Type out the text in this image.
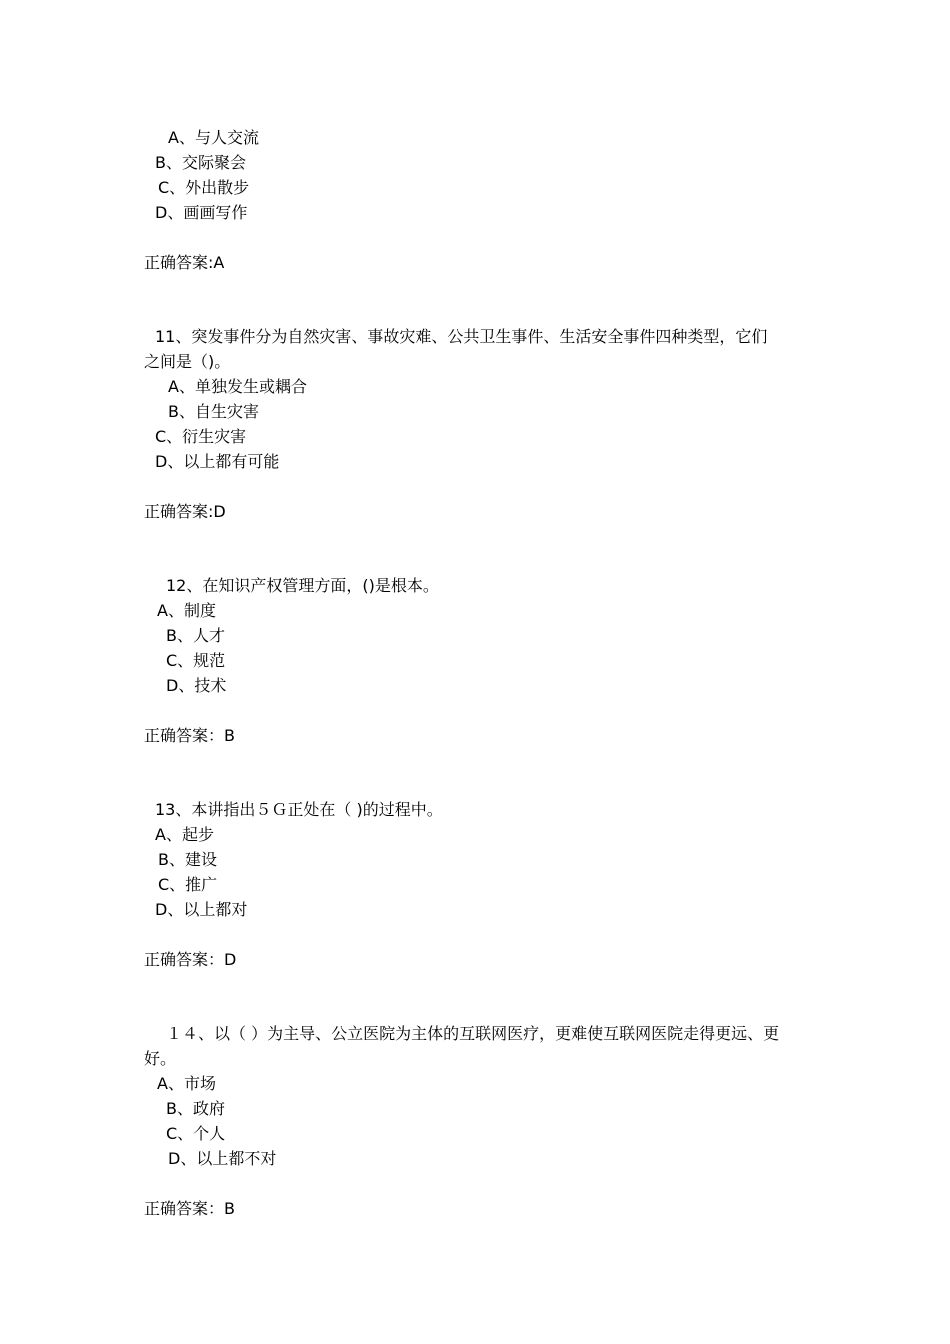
A、与人交流
B、交际聚会
C、外出散步
D、画画写作
正确答案:A
11、突发事件分为自然灾害、事故灾难、公共卫生事件、生活安全事件四种类型，它们
之间是（)。
A、单独发生或耦合
B、自生灾害
C、衍生灾害
D、以上都有可能
正确答案:D
12、在知识产权管理方面，()是根本。
A、制度
B、人才
C、规范
D、技术
正确答案：B
13、本讲指出５Ｇ正处在（ )的过程中。
A、起步
B、建设
C、推广
D、以上都对
正确答案：D
１４、以（ ）为主导、公立医院为主体的互联网医疗，更难使互联网医院走得更远、更
好。
A、市场
B、政府
C、个人
D、以上都不对
正确答案：B
